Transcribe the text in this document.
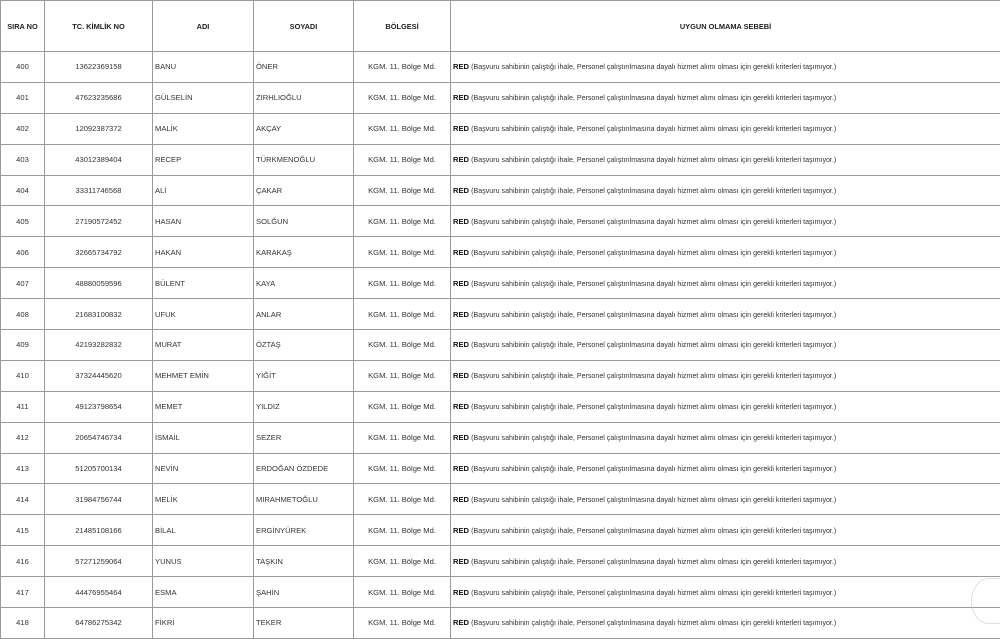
SIRA NO	TC. KİMLİK NO	ADI	SOYADI	BÖLGESİ	UYGUN OLMAMA SEBEBİ
400	13622369158	BANU	ÖNER	KGM. 11. Bölge Md.	RED (Başvuru sahibinin çalıştığı ihale, Personel çalıştırılmasına dayalı hizmet alımı olması için gerekli kriterleri taşımıyor.)
401	47623235686	GÜLSELİN	ZIRHLIOĞLU	KGM. 11. Bölge Md.	RED (Başvuru sahibinin çalıştığı ihale, Personel çalıştırılmasına dayalı hizmet alımı olması için gerekli kriterleri taşımıyor.)
402	12092387372	MALİK	AKÇAY	KGM. 11. Bölge Md.	RED (Başvuru sahibinin çalıştığı ihale, Personel çalıştırılmasına dayalı hizmet alımı olması için gerekli kriterleri taşımıyor.)
403	43012389404	RECEP	TÜRKMENOĞLU	KGM. 11. Bölge Md.	RED (Başvuru sahibinin çalıştığı ihale, Personel çalıştırılmasına dayalı hizmet alımı olması için gerekli kriterleri taşımıyor.)
404	33311746568	ALİ	ÇAKAR	KGM. 11. Bölge Md.	RED (Başvuru sahibinin çalıştığı ihale, Personel çalıştırılmasına dayalı hizmet alımı olması için gerekli kriterleri taşımıyor.)
405	27190572452	HASAN	SOLĞUN	KGM. 11. Bölge Md.	RED (Başvuru sahibinin çalıştığı ihale, Personel çalıştırılmasına dayalı hizmet alımı olması için gerekli kriterleri taşımıyor.)
406	32665734792	HAKAN	KARAKAŞ	KGM. 11. Bölge Md.	RED (Başvuru sahibinin çalıştığı ihale, Personel çalıştırılmasına dayalı hizmet alımı olması için gerekli kriterleri taşımıyor.)
407	48880059596	BÜLENT	KAYA	KGM. 11. Bölge Md.	RED (Başvuru sahibinin çalıştığı ihale, Personel çalıştırılmasına dayalı hizmet alımı olması için gerekli kriterleri taşımıyor.)
408	21683100832	UFUK	ANLAR	KGM. 11. Bölge Md.	RED (Başvuru sahibinin çalıştığı ihale, Personel çalıştırılmasına dayalı hizmet alımı olması için gerekli kriterleri taşımıyor.)
409	42193282832	MURAT	ÖZTAŞ	KGM. 11. Bölge Md.	RED (Başvuru sahibinin çalıştığı ihale, Personel çalıştırılmasına dayalı hizmet alımı olması için gerekli kriterleri taşımıyor.)
410	37324445620	MEHMET EMİN	YİĞİT	KGM. 11. Bölge Md.	RED (Başvuru sahibinin çalıştığı ihale, Personel çalıştırılmasına dayalı hizmet alımı olması için gerekli kriterleri taşımıyor.)
411	49123798654	MEMET	YILDIZ	KGM. 11. Bölge Md.	RED (Başvuru sahibinin çalıştığı ihale, Personel çalıştırılmasına dayalı hizmet alımı olması için gerekli kriterleri taşımıyor.)
412	20654746734	İSMAİL	SEZER	KGM. 11. Bölge Md.	RED (Başvuru sahibinin çalıştığı ihale, Personel çalıştırılmasına dayalı hizmet alımı olması için gerekli kriterleri taşımıyor.)
413	51205700134	NEVİN	ERDOĞAN ÖZDEDE	KGM. 11. Bölge Md.	RED (Başvuru sahibinin çalıştığı ihale, Personel çalıştırılmasına dayalı hizmet alımı olması için gerekli kriterleri taşımıyor.)
414	31984756744	MELİK	MIRAHMETOĞLU	KGM. 11. Bölge Md.	RED (Başvuru sahibinin çalıştığı ihale, Personel çalıştırılmasına dayalı hizmet alımı olması için gerekli kriterleri taşımıyor.)
415	21485108166	BİLAL	ERGİNYÜREK	KGM. 11. Bölge Md.	RED (Başvuru sahibinin çalıştığı ihale, Personel çalıştırılmasına dayalı hizmet alımı olması için gerekli kriterleri taşımıyor.)
416	57271259064	YUNUS	TAŞKIN	KGM. 11. Bölge Md.	RED (Başvuru sahibinin çalıştığı ihale, Personel çalıştırılmasına dayalı hizmet alımı olması için gerekli kriterleri taşımıyor.)
417	44476955464	ESMA	ŞAHİN	KGM. 11. Bölge Md.	RED (Başvuru sahibinin çalıştığı ihale, Personel çalıştırılmasına dayalı hizmet alımı olması için gerekli kriterleri taşımıyor.)
418	64786275342	FİKRİ	TEKER	KGM. 11. Bölge Md.	RED (Başvuru sahibinin çalıştığı ihale, Personel çalıştırılmasına dayalı hizmet alımı olması için gerekli kriterleri taşımıyor.)
